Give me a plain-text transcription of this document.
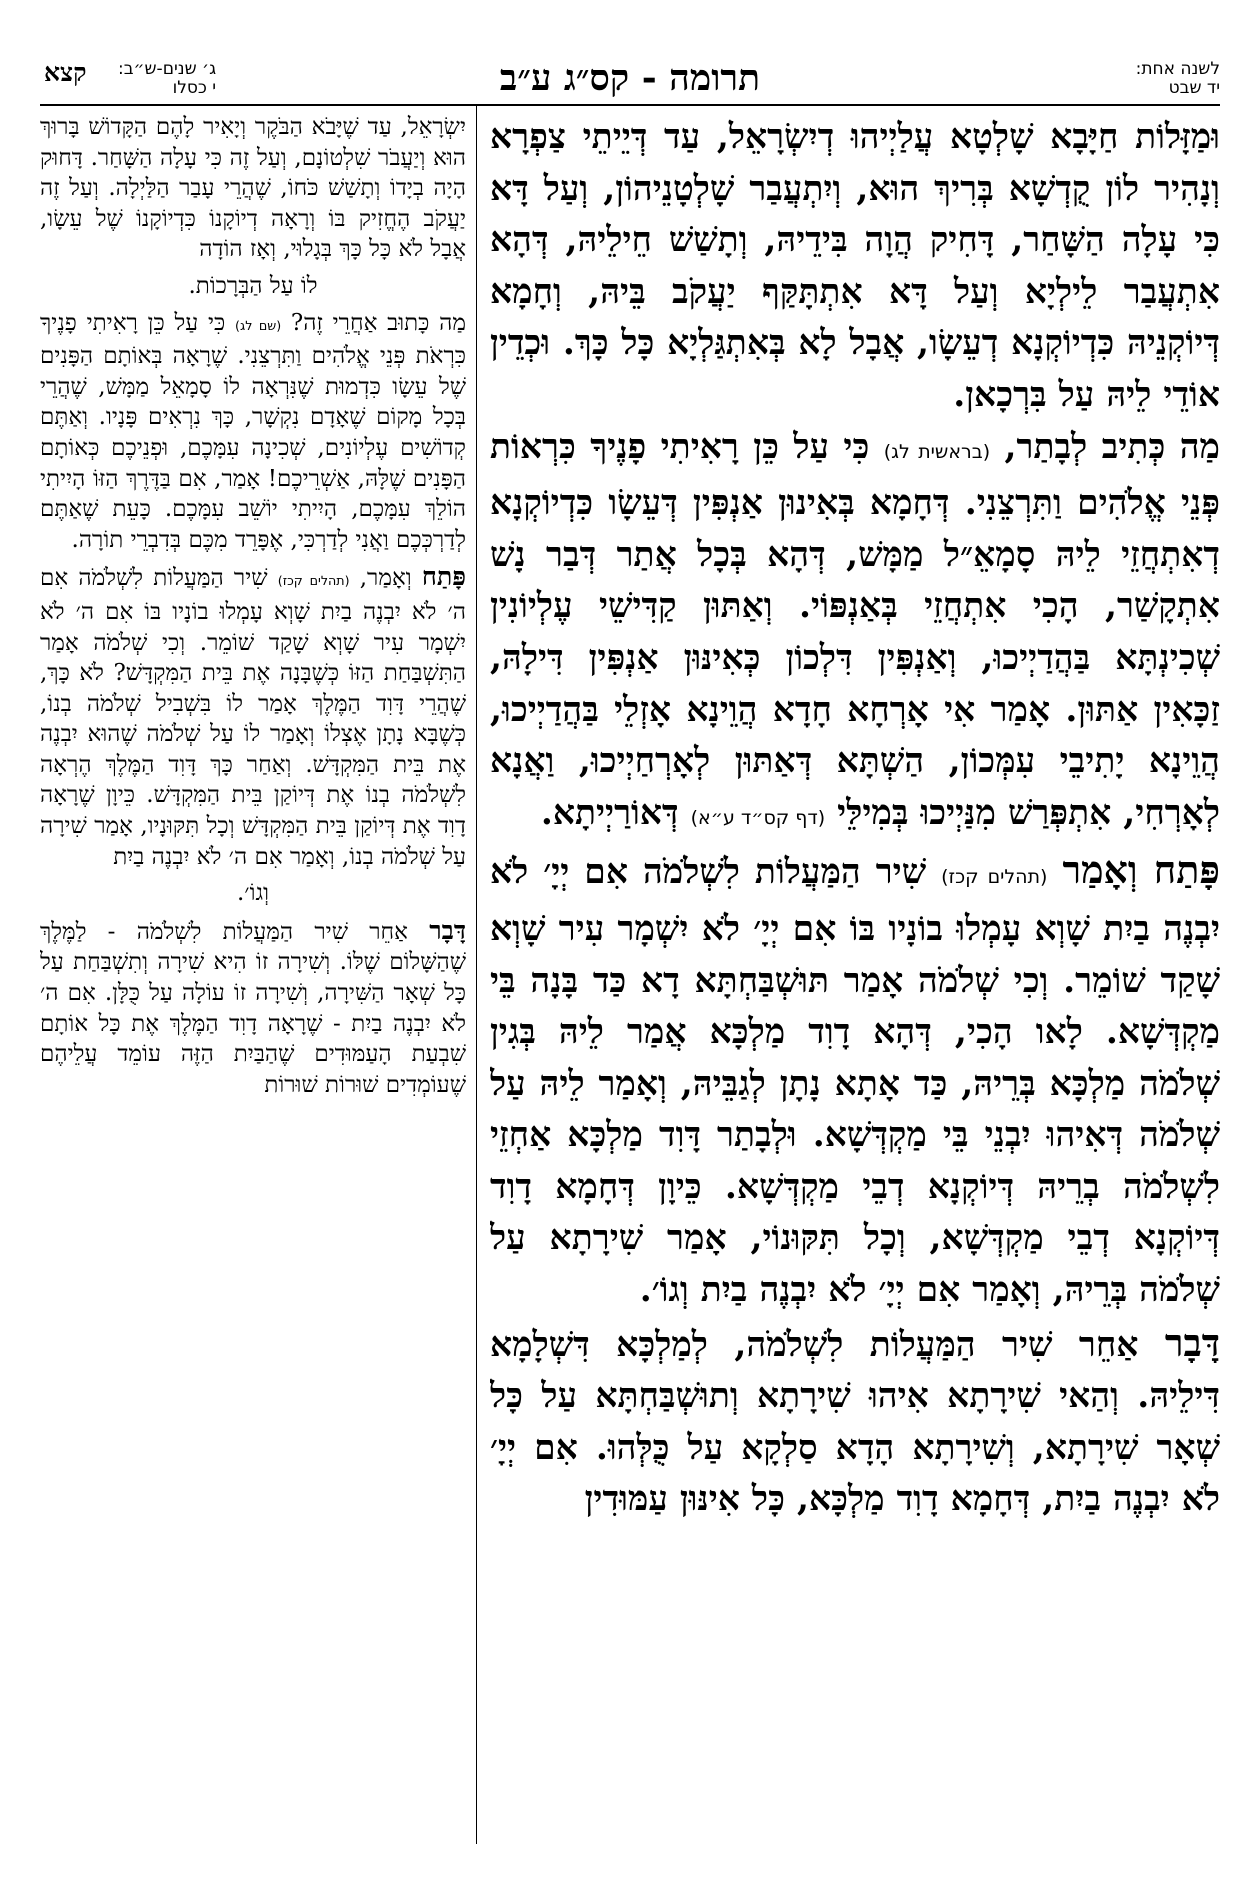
לשנה אחת:
יד שבט
תרומה - קס״ג ע״ב
ג׳ שנים-ש״ב:
י כסלו
קצא

וּמַזָּלוֹת חַיָּבָא שָׁלְטָא עֲלַיְיהוּ דְיִשְׂרָאֵל, עַד דְּיֵיתֵי צַפְרָא וְנָהִיר לוֹן קֻדְשָׁא בְּרִיךְ הוּא, וְיִתְעֲבַר שָׁלְטָנֵיהוֹן, וְעַל דָּא כִּי עָלָה הַשָּׁחַר, דָּחִיק הֲוָה בִּידֵיהּ, וְתָשַׁשׁ חֵילֵיהּ, דְּהָא אִתְעֲבַר לֵילְיָא וְעַל דָּא אִתְתָּקַּף יַעֲקֹב בֵּיהּ, וְחָמָא דְּיוֹקְנֵיהּ כִּדְיוֹקְנָא דְעֵשָׂו, אֲבָל לָא בְּאִתְגַּלְיָא כָּל כָּךְ. וּכְדֵין אוֹדֵי לֵיהּ עַל בִּרְכָאן.

מַה כְּתִיב לְבָתַר, (בראשית לג) כִּי עַל כֵּן רָאִיתִי פָנֶיךָ כִּרְאוֹת פְּנֵי אֱלֹהִים וַתִּרְצֵנִי. דְּחָמָא בְּאִינוּן אַנְפִּין דְּעֵשָׂו כִּדְיוֹקְנָא דְאִתְחֲזֵי לֵיהּ סָמָאֵ״ל מַמָּשׁ, דְּהָא בְּכָל אֲתַר דְּבַר נָשׁ אִתְקָשַׁר, הָכִי אִתְחֲזֵי בְּאַנְפּוֹי. וְאַתּוּן קַדִּישֵׁי עֶלְיוֹנִין שְׁכִינְתָּא בַּהֲדַיְיכוּ, וְאַנְפִּין דִּלְכוֹן כְּאִינּוּן אַנְפִּין דִּילָהּ, זַכָּאִין אַתּוּן. אָמַר אִי אָרְחָא חָדָא הֲוֵינָא אָזְלֵי בַּהֲדַיְיכוּ, הֲוֵינָא יָתִיבֵי עִמְּכוֹן, הַשְׁתָּא דְּאַתּוּן לְאָרְחַיְיכוּ, וַאֲנָא לְאָרְחִי, אִתְפְּרַשׁ מִנַּיְיכוּ בְּמִילֵּי (דף קס״ד ע״א) דְּאוֹרַיְיתָא.

פָּתַח וְאָמַר (תהלים קכז) שִׁיר הַמַּעֲלוֹת לִשְׁלֹמֹה אִם יְיָ׳ לֹא יִבְנֶה בַיִת שָׁוְא עָמְלוּ בוֹנָיו בּוֹ אִם יְיָ׳ לֹא יִשְׁמָר עִיר שָׁוְא שָׁקַד שׁוֹמֵר. וְכִי שְׁלֹמֹה אָמַר תּוּשְׁבַּחְתָּא דָא כַּד בָּנָה בֵּי מַקְדְּשָׁא. לָאו הָכִי, דְּהָא דָוִד מַלְכָּא אֲמַר לֵיהּ בְּגִין שְׁלֹמֹה מַלְכָּא בְּרֵיהּ, כַּד אָתָא נָתָן לְגַבֵּיהּ, וְאָמַר לֵיהּ עַל שְׁלֹמֹה דְּאִיהוּ יִבְנֵי בֵּי מַקְדְּשָׁא. וּלְבָתַר דָּוִד מַלְכָּא אַחְזֵי לִשְׁלֹמֹה בְרֵיהּ דְּיוֹקְנָא דְבֵי מַקְדְּשָׁא. כֵּיוָן דְּחָמָא דָוִד דְּיוֹקְנָא דְבֵי מַקְדְּשָׁא, וְכָל תִּקּוּנוֹי, אָמַר שִׁירָתָא עַל שְׁלֹמֹה בְּרֵיהּ, וְאָמַר אִם יְיָ׳ לֹא יִבְנֶה בַיִת וְגוֹ׳.

דָּבָר אַחֵר שִׁיר הַמַּעֲלוֹת לִשְׁלֹמֹה, לְמַלְכָּא דִּשְׁלָמָא דִּילֵיהּ. וְהַאי שִׁירָתָא אִיהוּ שִׁירָתָא וְתוּשְׁבַּחְתָּא עַל כָּל שְׁאָר שִׁירָתָא, וְשִׁירָתָא הָדָא סַלְקָא עַל כֻּלְּהוּ. אִם יְיָ׳ לֹא יִבְנֶה בַיִת, דְּחָמָא דָוִד מַלְכָּא, כָּל אִינּוּן עַמּוּדִין

יִשְׂרָאֵל, עַד שֶׁיָּבֹא הַבֹּקֶר וְיָאִיר לָהֶם הַקָּדוֹשׁ בָּרוּךְ הוּא וְיַעֲבֹר שִׁלְטוֹנָם, וְעַל זֶה כִּי עָלָה הַשָּׁחַר. דָּחוּק הָיָה בְיָדוֹ וְתָשַׁשׁ כֹּחוֹ, שֶׁהֲרֵי עָבַר הַלַּיְלָה. וְעַל זֶה יַעֲקֹב הֶחֱזִיק בּוֹ וְרָאָה דְיוֹקָנוֹ כִּדְיוֹקָנוֹ שֶׁל עֵשָׂו, אֲבָל לֹא כָּל כָּךְ בְּגָלוּי, וְאָז הוֹדָה

לוֹ עַל הַבְּרָכוֹת.

מַה כָּתוּב אַחֲרֵי זֶה? (שם לג) כִּי עַל כֵּן רָאִיתִי פָנֶיךָ כִּרְאֹת פְּנֵי אֱלֹהִים וַתִּרְצֵנִי. שֶׁרָאָה בְּאוֹתָם הַפָּנִים שֶׁל עֵשָׂו כִּדְמוּת שֶׁנִּרְאָה לוֹ סָמָאֵל מַמָּשׁ, שֶׁהֲרֵי בְּכָל מָקוֹם שֶׁאָדָם נִקְשָׁר, כָּךְ נִרְאִים פָּנָיו. וְאַתֶּם קְדוֹשִׁים עֶלְיוֹנִים, שְׁכִינָה עִמָּכֶם, וּפְנֵיכֶם כְּאוֹתָם הַפָּנִים שֶׁלָּהּ, אַשְׁרֵיכֶם! אָמַר, אִם בַּדֶּרֶךְ הַזּוֹ הָיִיתִי הוֹלֵךְ עִמָּכֶם, הָיִיתִי יוֹשֵׁב עִמָּכֶם. כָּעֵת שֶׁאַתֶּם לְדַרְכְּכֶם וַאֲנִי לְדַרְכִּי, אֶפָּרֵד מִכֶּם בְּדִבְרֵי תוֹרָה.

פָּתַח וְאָמַר, (תהלים קכז) שִׁיר הַמַּעֲלוֹת לִשְׁלֹמֹה אִם ה׳ לֹא יִבְנֶה בַיִת שָׁוְא עָמְלוּ בוֹנָיו בּוֹ אִם ה׳ לֹא יִשְׁמָר עִיר שָׁוְא שָׁקַד שׁוֹמֵר. וְכִי שְׁלֹמֹה אָמַר הַתִּשְׁבַּחַת הַזּוֹ כְּשֶׁבָּנָה אֶת בֵּית הַמִּקְדָּשׁ? לֹא כָּךְ, שֶׁהֲרֵי דָּוִד הַמֶּלֶךְ אָמַר לוֹ בִּשְׁבִיל שְׁלֹמֹה בְנוֹ, כְּשֶׁבָּא נָתָן אֶצְלוֹ וְאָמַר לוֹ עַל שְׁלֹמֹה שֶׁהוּא יִבְנֶה אֶת בֵּית הַמִּקְדָּשׁ. וְאַחַר כָּךְ דָּוִד הַמֶּלֶךְ הֶרְאָה לִשְׁלֹמֹה בְנוֹ אֶת דְּיוֹקַן בֵּית הַמִּקְדָּשׁ. כֵּיוָן שֶׁרָאָה דָוִד אֶת דְּיוֹקַן בֵּית הַמִּקְדָּשׁ וְכָל תִּקּוּנָיו, אָמַר שִׁירָה עַל שְׁלֹמֹה בְנוֹ, וְאָמַר אִם ה׳ לֹא יִבְנֶה בַיִת

וְגוֹ׳.

דָּבָר אַחֵר שִׁיר הַמַּעֲלוֹת לִשְׁלֹמֹה - לַמֶּלֶךְ שֶׁהַשָּׁלוֹם שֶׁלּוֹ. וְשִׁירָה זוֹ הִיא שִׁירָה וְתִשְׁבַּחַת עַל כָּל שְׁאָר הַשִּׁירָה, וְשִׁירָה זוֹ עוֹלָה עַל כֻּלָּן. אִם ה׳ לֹא יִבְנֶה בַיִת - שֶׁרָאָה דָוִד הַמֶּלֶךְ אֶת כָּל אוֹתָם שִׁבְעַת הָעַמּוּדִים שֶׁהַבַּיִת הַזֶּה עוֹמֵד עֲלֵיהֶם שֶׁעוֹמְדִים שׁוּרוֹת שׁוּרוֹת
